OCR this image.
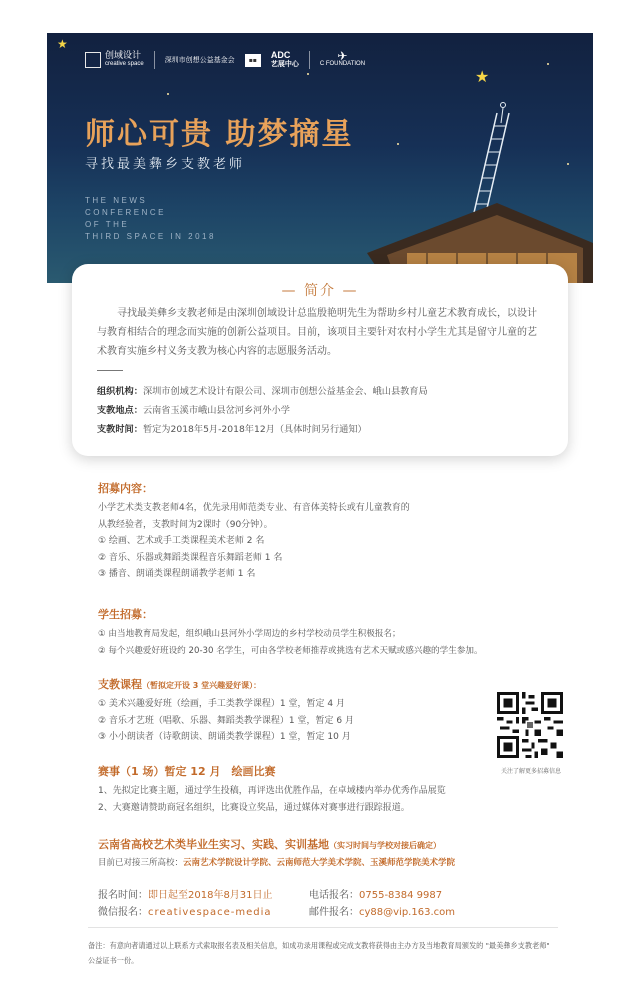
★
创域设计
creative space	深圳市创想公益基金会	▪▪	ADC
艺展中心
✈
C FOUNDATION
师心可贵 助梦摘星
寻找最美彝乡支教老师
THE NEWS
CONFERENCE
OF THE
THIRD SPACE IN 2018
★
— 简介 —
寻找最美彝乡支教老师是由深圳创域设计总监殷艳明先生为帮助乡村儿童艺术教育成长，以设计与教育相结合的理念而实施的创新公益项目。目前，该项目主要针对农村小学生尤其是留守儿童的艺术教育实施乡村义务支教为核心内容的志愿服务活动。
组织机构：深圳市创域艺术设计有限公司、深圳市创想公益基金会、峨山县教育局
支教地点：云南省玉溪市峨山县岔河乡河外小学
支教时间：暂定为2018年5月-2018年12月（具体时间另行通知）
招募内容：
小学艺术类支教老师4名，优先录用师范类专业、有音体美特长或有儿童教育的
从教经验者，支教时间为2课时（90分钟）。
① 绘画、艺术或手工类课程美术老师 2 名
② 音乐、乐器或舞蹈类课程音乐舞蹈老师 1 名
③ 播音、朗诵类课程朗诵教学老师 1 名
学生招募：
① 由当地教育局发起，组织峨山县河外小学周边的乡村学校动员学生积极报名；
② 每个兴趣爱好班设约 20-30 名学生，可由各学校老师推荐或挑选有艺术天赋或感兴趣的学生参加。
支教课程（暂拟定开设 3 堂兴趣爱好课）：
① 美术兴趣爱好班（绘画，手工类教学课程）1 堂，暂定 4 月
② 音乐才艺班（唱歌、乐器、舞蹈类教学课程）1 堂，暂定 6 月
③ 小小朗读者（诗歌朗读、朗诵类教学课程）1 堂，暂定 10 月
赛事（1 场）暂定 12 月　绘画比赛
1、先拟定比赛主题，通过学生投稿，再评选出优胜作品，在卓域楼内举办优秀作品展览
2、大赛邀请赞助商冠名组织，比赛设立奖品，通过媒体对赛事进行跟踪报道。
关注了解更多招募信息
云南省高校艺术类毕业生实习、实践、实训基地（实习时间与学校对接后确定）
目前已对接三所高校：云南艺术学院设计学院、云南师范大学美术学院、玉溪师范学院美术学院
报名时间：即日起至2018年8月31日止
微信报名：creativespace-media
电话报名：0755-8384 9987
邮件报名：cy88@vip.163.com
备注：有意向者请通过以上联系方式索取报名表及相关信息，如成功录用课程或完成支教将获得由主办方及当地教育局颁发的 "最美彝乡支教老师" 公益证书一份。
